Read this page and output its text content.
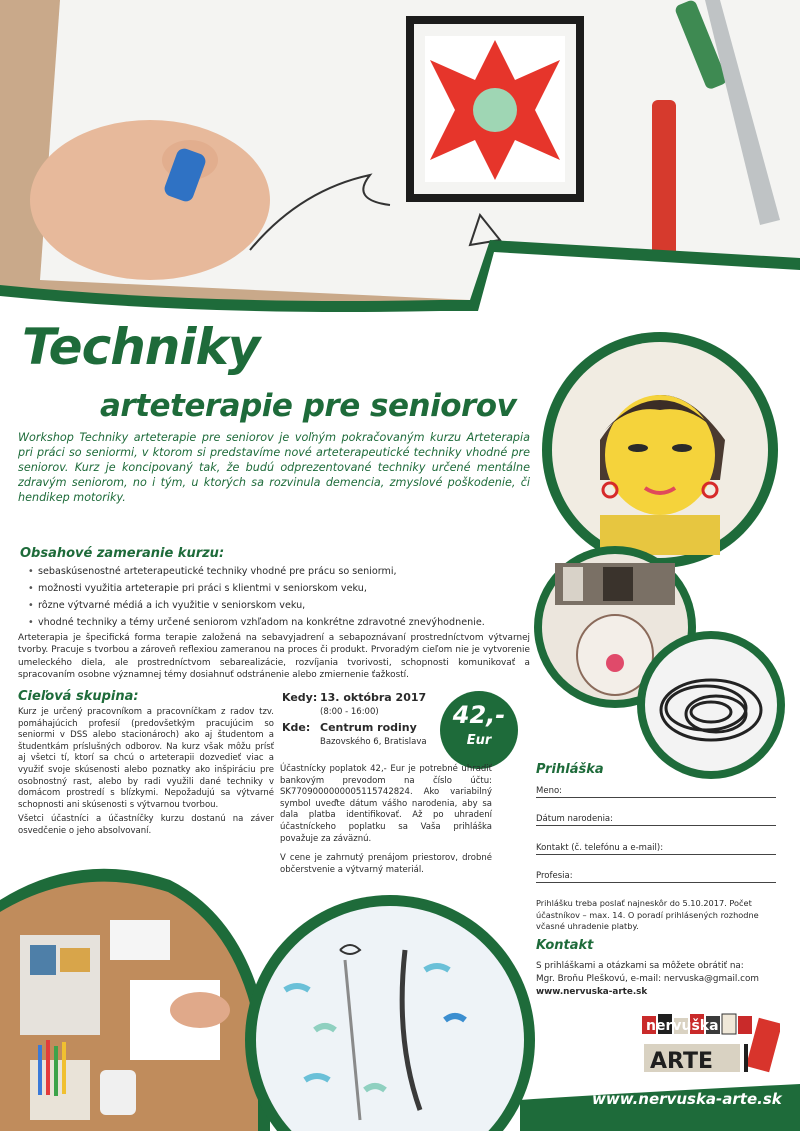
Techniky
arteterapie pre seniorov
Workshop Techniky arteterapie pre seniorov je voľným pokračovaným kurzu Arteterapia pri práci so seniormi, v ktorom si predstavíme nové arteterapeutické techniky vhodné pre seniorov. Kurz je koncipovaný tak, že budú odprezentované techniky určené mentálne zdravým seniorom, no i tým, u ktorých sa rozvinula demencia, zmyslové poškodenie, či hendikep motoriky.
Obsahové zameranie kurzu:
• sebaskúsenostné arteterapeutické techniky vhodné pre prácu so seniormi,
• možnosti využitia arteterapie pri práci s klientmi v seniorskom veku,
• rôzne výtvarné médiá a ich využitie v seniorskom veku,
• vhodné techniky a témy určené seniorom vzhľadom na konkrétne zdravotné znevýhodnenie.
Arteterapia je špecifická forma terapie založená na sebavyjadrení a sebapoznávaní prostredníctvom výtvarnej tvorby. Pracuje s tvorbou a zároveň reflexiou zameranou na proces či produkt. Prvoradým cieľom nie je vytvorenie umeleckého diela, ale prostredníctvom sebarealizácie, rozvíjania tvorivosti, schopnosti komunikovať a spracovaním osobne významnej témy dosiahnuť odstránenie alebo zmiernenie ťažkostí.
Cieľová skupina:

Kurz je určený pracovníkom a pracovníčkam z radov tzv. pomáhajúcich profesií (predovšetkým pracujúcim so seniormi v DSS alebo stacionároch) ako aj študentom a študentkám príslušných odborov. Na kurz však môžu prísť aj všetci tí, ktorí sa chcú o arteterapii dozvedieť viac a využiť svoje skúsenosti alebo poznatky ako inšpiráciu pre osobnostný rast, alebo by radi využili dané techniky v domácom prostredí s blízkymi. Nepožadujú sa výtvarné schopnosti ani skúsenosti s výtvarnou tvorbou.

Všetci účastníci a účastníčky kurzu dostanú na záver osvedčenie o jeho absolvovaní.

Kedy: 13. októbra 2017
(8:00 - 16:00)
Kde: Centrum rodiny
Bazovského 6, Bratislava
42,-
Eur

Účastnícky poplatok 42,- Eur je potrebné uhradiť bankovým prevodom na číslo účtu: SK7709000000005115742824. Ako variabilný symbol uveďte dátum vášho narodenia, aby sa dala platba identifikovať. Až po uhradení účastníckeho poplatku sa Vaša prihláška považuje za záväznú.

V cene je zahrnutý prenájom priestorov, drobné občerstvenie a výtvarný materiál.

Prihláška
Meno:
Dátum narodenia:
Kontakt (č. telefónu a e-mail):
Profesia:
Prihlášku treba poslať najneskôr do 5.10.2017. Počet účastníkov – max. 14. O poradí prihlásených rozhodne včasné uhradenie platby.
Kontakt
S prihláškami a otázkami sa môžete obrátiť na:
Mgr. Broňu Pleškovú, e-mail: nervuska@gmail.com
www.nervuska-arte.sk
nervuška
ARTE
www.nervuska-arte.sk
